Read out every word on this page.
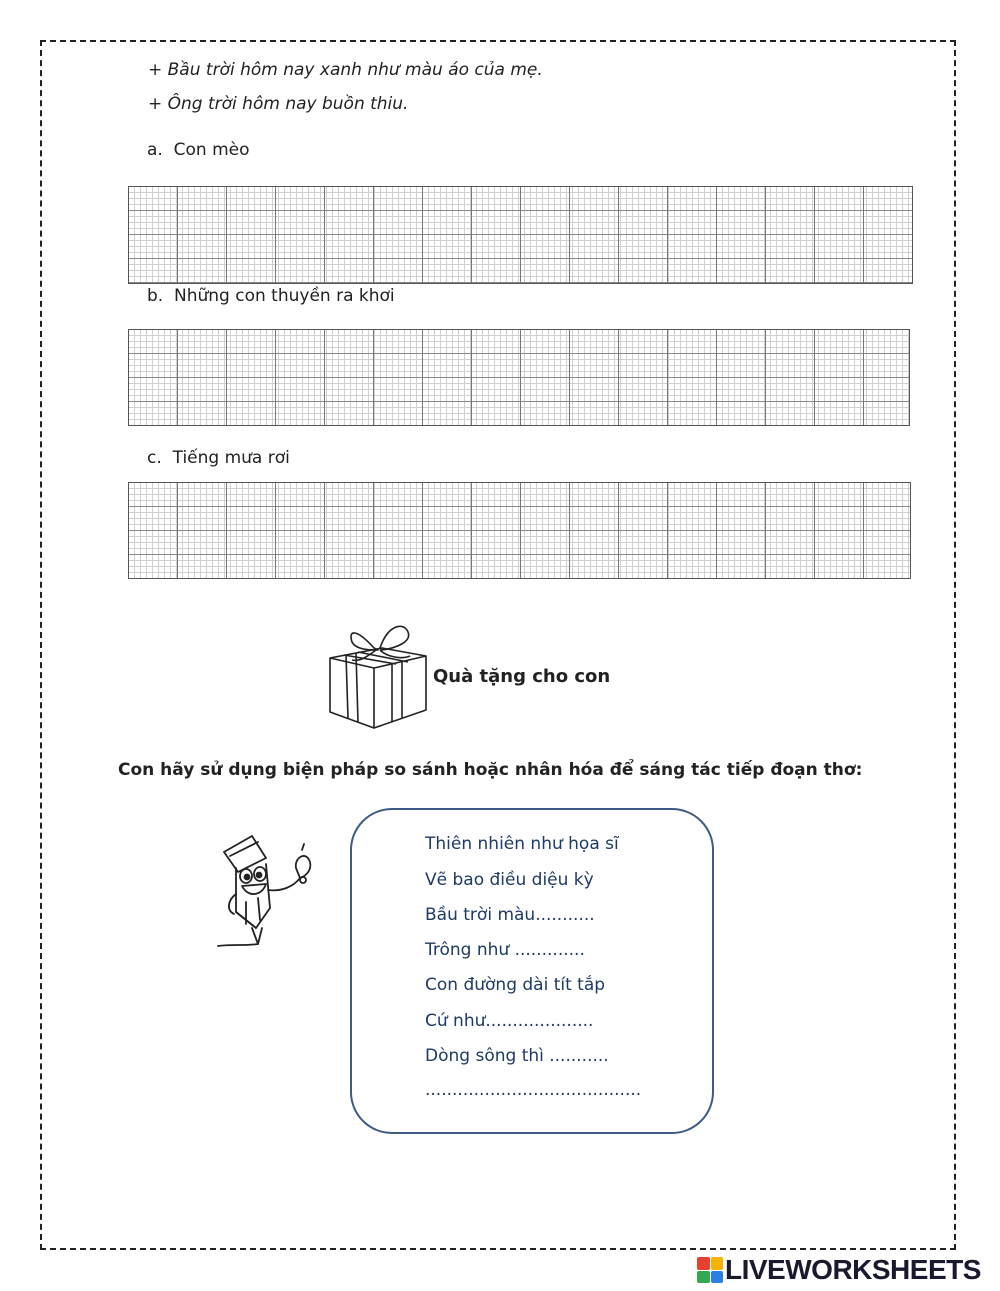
+ Bầu trời hôm nay xanh như màu áo của mẹ.
+ Ông trời hôm nay buồn thiu.
a. Con mèo
b. Những con thuyền ra khơi
c. Tiếng mưa rơi
Quà tặng cho con
Con hãy sử dụng biện pháp so sánh hoặc nhân hóa để sáng tác tiếp đoạn thơ:
Thiên nhiên như họa sĩ
Vẽ bao điều diệu kỳ
Bầu trời màu...........
Trông như .............
Con đường dài tít tắp
Cứ như....................
Dòng sông thì ...........
........................................
LIVEWORKSHEETS
